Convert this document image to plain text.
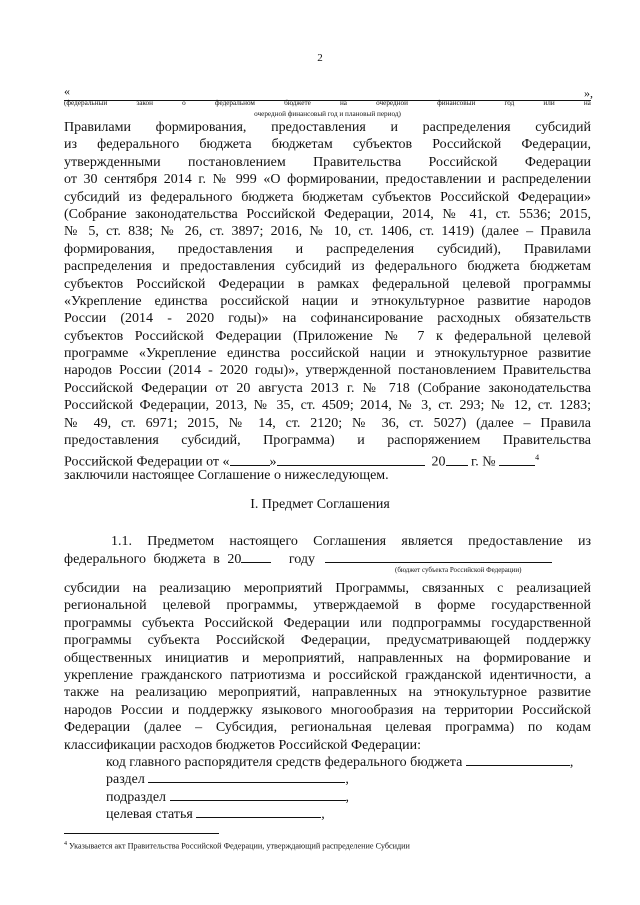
2
«	»,
(федеральный	закон	о	федеральном	бюджете	на	очередной	финансовый	год	или	на
очередной финансовый год и плановый период)
Правилами формирования, предоставления и распределения субсидий
из федерального бюджета бюджетам субъектов Российской Федерации,
утвержденными постановлением Правительства Российской Федерации
от 30 сентября 2014 г. № 999 «О формировании, предоставлении и распределении
субсидий из федерального бюджета бюджетам субъектов Российской Федерации»
(Собрание законодательства Российской Федерации, 2014, № 41, ст. 5536; 2015,
№ 5, ст. 838; № 26, ст. 3897; 2016, № 10, ст. 1406, ст. 1419) (далее – Правила
формирования, предоставления и распределения субсидий), Правилами
распределения и предоставления субсидий из федерального бюджета бюджетам
субъектов Российской Федерации в рамках федеральной целевой программы
«Укрепление единства российской нации и этнокультурное развитие народов
России (2014 - 2020 годы)» на софинансирование расходных обязательств
субъектов Российской Федерации (Приложение № 7 к федеральной целевой
программе «Укрепление единства российской нации и этнокультурное развитие
народов России (2014 - 2020 годы)», утвержденной постановлением Правительства
Российской Федерации от 20 августа 2013 г. № 718 (Собрание законодательства
Российской Федерации, 2013, № 35, ст. 4509; 2014, № 3, ст. 293; № 12, ст. 1283;
№ 49, ст. 6971; 2015, № 14, ст. 2120; № 36, ст. 5027) (далее – Правила
предоставления субсидий, Программа) и распоряжением Правительства
Российской Федерации от «	»	20 г. №	$^4$
заключили настоящее Соглашение о нижеследующем.
I. Предмет Соглашения
1.1. Предметом настоящего Соглашения является предоставление из
федерального бюджета в 20	году
(бюджет субъекта Российской Федерации)
субсидии на реализацию мероприятий Программы, связанных с реализацией
региональной целевой программы, утверждаемой в форме государственной
программы субъекта Российской Федерации или подпрограммы государственной
программы субъекта Российской Федерации, предусматривающей поддержку
общественных инициатив и мероприятий, направленных на формирование и
укрепление гражданского патриотизма и российской гражданской идентичности, а
также на реализацию мероприятий, направленных на этнокультурное развитие
народов России и поддержку языкового многообразия на территории Российской
Федерации (далее – Субсидия, региональная целевая программа) по кодам
классификации расходов бюджетов Российской Федерации:
код главного распорядителя средств федерального бюджета	,
раздел	,
подраздел	,
целевая статья	,
$^4$ Указывается акт Правительства Российской Федерации, утверждающий распределение Субсидии
